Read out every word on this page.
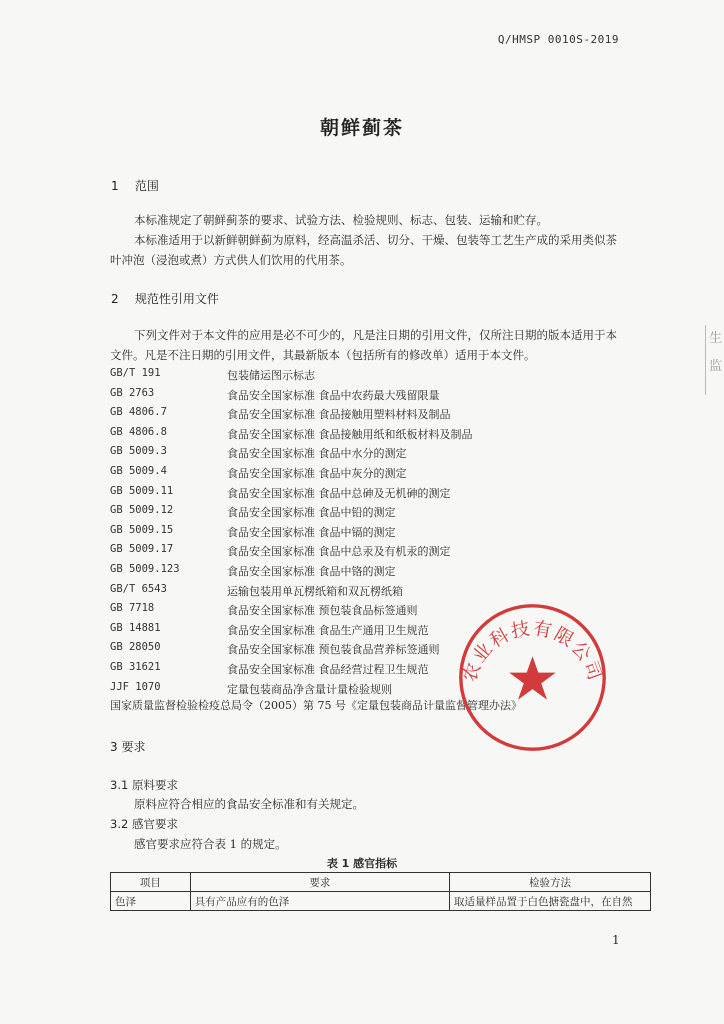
Q/HMSP 0010S-2019
朝鲜蓟茶
1 范围

本标准规定了朝鲜蓟茶的要求、试验方法、检验规则、标志、包装、运输和贮存。

本标准适用于以新鲜朝鲜蓟为原料，经高温杀活、切分、干燥、包装等工艺生产成的采用类似茶叶冲泡（浸泡或煮）方式供人们饮用的代用茶。

2 规范性引用文件

下列文件对于本文件的应用是必不可少的，凡是注日期的引用文件，仅所注日期的版本适用于本文件。凡是不注日期的引用文件，其最新版本（包括所有的修改单）适用于本文件。

GB/T 191	包装储运图示标志
GB 2763	食品安全国家标准 食品中农药最大残留限量
GB 4806.7	食品安全国家标准 食品接触用塑料材料及制品
GB 4806.8	食品安全国家标准 食品接触用纸和纸板材料及制品
GB 5009.3	食品安全国家标准 食品中水分的测定
GB 5009.4	食品安全国家标准 食品中灰分的测定
GB 5009.11	食品安全国家标准 食品中总砷及无机砷的测定
GB 5009.12	食品安全国家标准 食品中铅的测定
GB 5009.15	食品安全国家标准 食品中镉的测定
GB 5009.17	食品安全国家标准 食品中总汞及有机汞的测定
GB 5009.123	食品安全国家标准 食品中铬的测定
GB/T 6543	运输包装用单瓦楞纸箱和双瓦楞纸箱
GB 7718	食品安全国家标准 预包装食品标签通则
GB 14881	食品安全国家标准 食品生产通用卫生规范
GB 28050	食品安全国家标准 预包装食品营养标签通则
GB 31621	食品安全国家标准 食品经营过程卫生规范
JJF 1070	定量包装商品净含量计量检验规则
国家质量监督检验检疫总局令（2005）第 75 号《定量包装商品计量监督管理办法》
3 要求
3.1 原料要求
原料应符合相应的食品安全标准和有关规定。
3.2 感官要求
感官要求应符合表 1 的规定。
表 1 感官指标
项目	要求	检验方法
色泽	具有产品应有的色泽	取适量样品置于白色搪瓷盘中，在自然
1
生
监
农业科技有限公司
